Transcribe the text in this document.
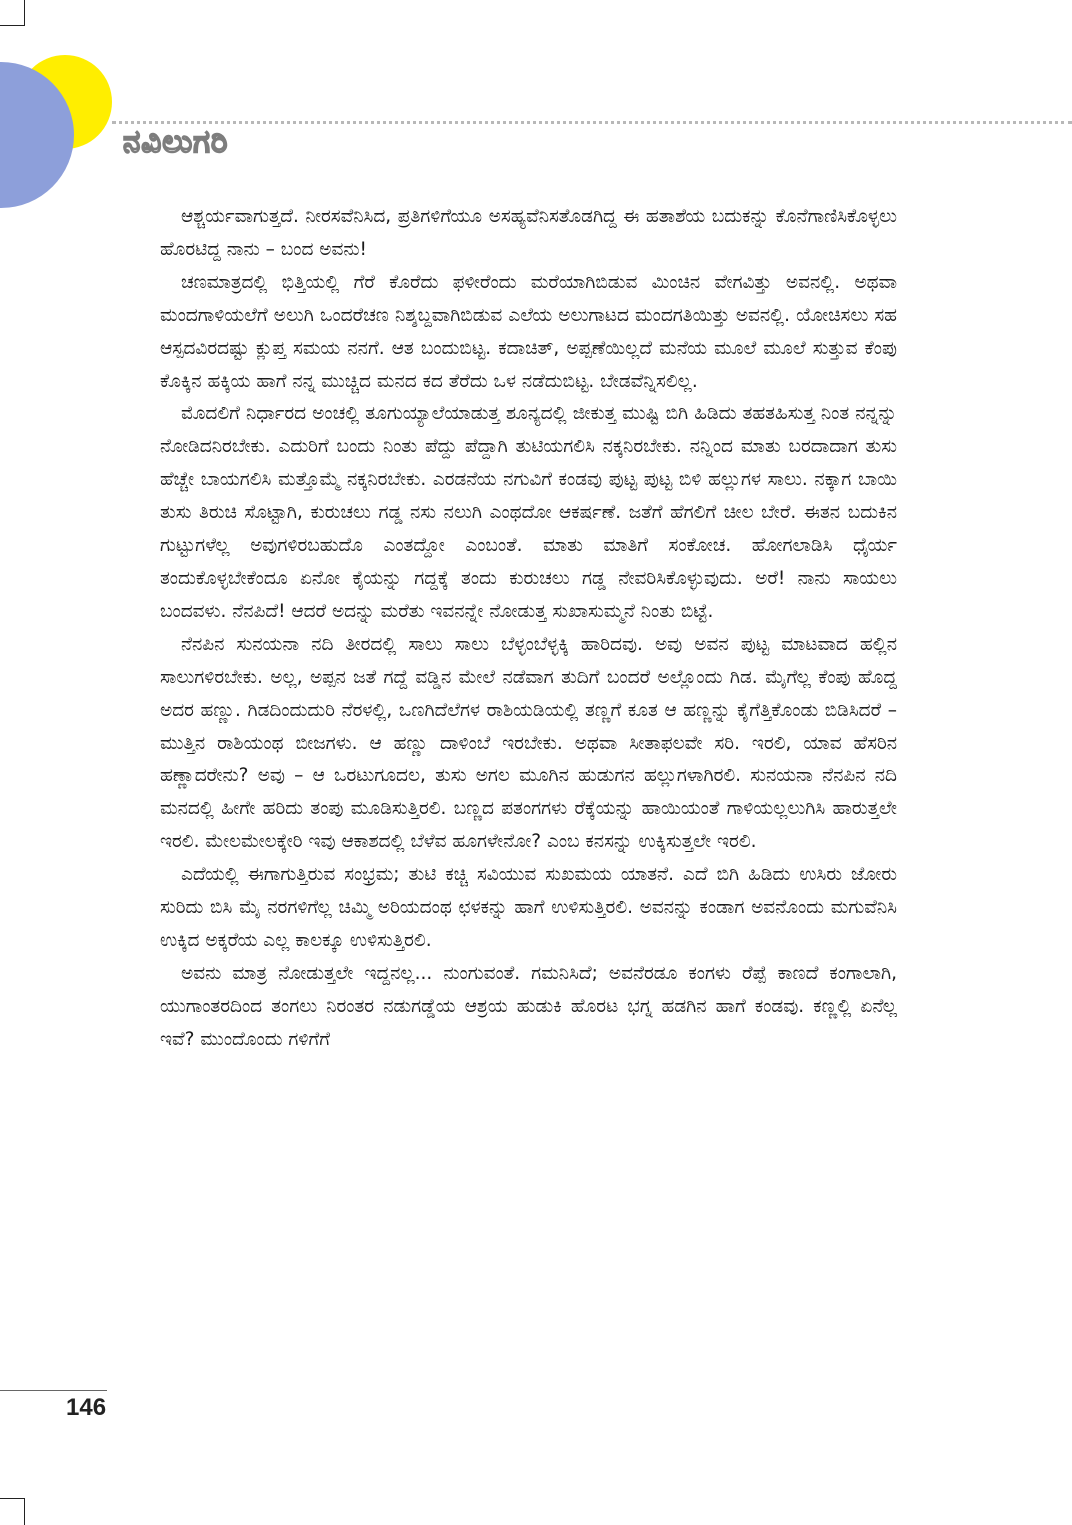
ನವಿಲುಗರಿ

ಆಶ್ಚರ್ಯವಾಗುತ್ತದೆ. ನೀರಸವೆನಿಸಿದ, ಪ್ರತಿಗಳಿಗೆಯೂ ಅಸಹ್ಯವೆನಿಸತೊಡಗಿದ್ದ ಈ ಹತಾಶೆಯ ಬದುಕನ್ನು ಕೊನೆಗಾಣಿಸಿಕೊಳ್ಳಲು ಹೊರಟಿದ್ದ ನಾನು – ಬಂದ ಅವನು!

ಚಣಮಾತ್ರದಲ್ಲಿ ಭಿತ್ತಿಯಲ್ಲಿ ಗೆರೆ ಕೊರೆದು ಫಳೀರೆಂದು ಮರೆಯಾಗಿಬಿಡುವ ಮಿಂಚಿನ ವೇಗವಿತ್ತು ಅವನಲ್ಲಿ. ಅಥವಾ ಮಂದಗಾಳಿಯಲೆಗೆ ಅಲುಗಿ ಒಂದರೆಚಣ ನಿಶ್ಶಬ್ದವಾಗಿಬಿಡುವ ಎಲೆಯ ಅಲುಗಾಟದ ಮಂದಗತಿಯಿತ್ತು ಅವನಲ್ಲಿ. ಯೋಚಿಸಲು ಸಹ ಆಸ್ಪದವಿರದಷ್ಟು ಕ್ಲುಪ್ತ ಸಮಯ ನನಗೆ. ಆತ ಬಂದುಬಿಟ್ಟ. ಕದಾಚಿತ್, ಅಪ್ಪಣೆಯಿಲ್ಲದೆ ಮನೆಯ ಮೂಲೆ ಮೂಲೆ ಸುತ್ತುವ ಕೆಂಪು ಕೊಕ್ಕಿನ ಹಕ್ಕಿಯ ಹಾಗೆ ನನ್ನ ಮುಚ್ಚಿದ ಮನದ ಕದ ತೆರೆದು ಒಳ ನಡೆದುಬಿಟ್ಟ. ಬೇಡವೆನ್ನಿಸಲಿಲ್ಲ.

ಮೊದಲಿಗೆ ನಿರ್ಧಾರದ ಅಂಚಲ್ಲಿ ತೂಗುಯ್ಯಾಲೆಯಾಡುತ್ತ ಶೂನ್ಯದಲ್ಲಿ ಜೀಕುತ್ತ ಮುಷ್ಟಿ ಬಿಗಿ ಹಿಡಿದು ತಹತಹಿಸುತ್ತ ನಿಂತ ನನ್ನನ್ನು ನೋಡಿದನಿರಬೇಕು. ಎದುರಿಗೆ ಬಂದು ನಿಂತು ಪೆದ್ದು ಪೆದ್ದಾಗಿ ತುಟಿಯಗಲಿಸಿ ನಕ್ಕನಿರಬೇಕು. ನನ್ನಿಂದ ಮಾತು ಬರದಾದಾಗ ತುಸು ಹೆಚ್ಚೇ ಬಾಯಗಲಿಸಿ ಮತ್ತೊಮ್ಮೆ ನಕ್ಕನಿರಬೇಕು. ಎರಡನೆಯ ನಗುವಿಗೆ ಕಂಡವು ಪುಟ್ಟ ಪುಟ್ಟ ಬಿಳಿ ಹಲ್ಲುಗಳ ಸಾಲು. ನಕ್ಕಾಗ ಬಾಯಿ ತುಸು ತಿರುಚಿ ಸೊಟ್ಟಾಗಿ, ಕುರುಚಲು ಗಡ್ಡ ನಸು ನಲುಗಿ ಎಂಥದೋ ಆಕರ್ಷಣೆ. ಜತೆಗೆ ಹೆಗಲಿಗೆ ಚೀಲ ಬೇರೆ. ಈತನ ಬದುಕಿನ ಗುಟ್ಟುಗಳೆಲ್ಲ ಅವುಗಳಿರಬಹುದೊ ಎಂತದ್ದೋ ಎಂಬಂತೆ. ಮಾತು ಮಾತಿಗೆ ಸಂಕೋಚ. ಹೋಗಲಾಡಿಸಿ ಧೈರ್ಯ ತಂದುಕೊಳ್ಳಬೇಕೆಂದೂ ಏನೋ ಕೈಯನ್ನು ಗದ್ದಕ್ಕೆ ತಂದು ಕುರುಚಲು ಗಡ್ಡ ನೇವರಿಸಿಕೊಳ್ಳುವುದು. ಅರೆ! ನಾನು ಸಾಯಲು ಬಂದವಳು. ನೆನಪಿದೆ! ಆದರೆ ಅದನ್ನು ಮರೆತು ಇವನನ್ನೇ ನೋಡುತ್ತ ಸುಖಾಸುಮ್ಮನೆ ನಿಂತು ಬಿಟ್ಟೆ.

ನೆನಪಿನ ಸುನಯನಾ ನದಿ ತೀರದಲ್ಲಿ ಸಾಲು ಸಾಲು ಬೆಳ್ಳಂಬೆಳ್ಳಕ್ಕಿ ಹಾರಿದವು. ಅವು ಅವನ ಪುಟ್ಟ ಮಾಟವಾದ ಹಲ್ಲಿನ ಸಾಲುಗಳಿರಬೇಕು. ಅಲ್ಲ, ಅಪ್ಪನ ಜತೆ ಗದ್ದೆ ವಡ್ಡಿನ ಮೇಲೆ ನಡೆವಾಗ ತುದಿಗೆ ಬಂದರೆ ಅಲ್ಲೊಂದು ಗಿಡ. ಮೈಗೆಲ್ಲ ಕೆಂಪು ಹೊದ್ದ ಅದರ ಹಣ್ಣು. ಗಿಡದಿಂದುದುರಿ ನೆರಳಲ್ಲಿ, ಒಣಗಿದೆಲೆಗಳ ರಾಶಿಯಡಿಯಲ್ಲಿ ತಣ್ಣಗೆ ಕೂತ ಆ ಹಣ್ಣನ್ನು ಕೈಗೆತ್ತಿಕೊಂಡು ಬಿಡಿಸಿದರೆ – ಮುತ್ತಿನ ರಾಶಿಯಂಥ ಬೀಜಗಳು. ಆ ಹಣ್ಣು ದಾಳಿಂಬೆ ಇರಬೇಕು. ಅಥವಾ ಸೀತಾಫಲವೇ ಸರಿ. ಇರಲಿ, ಯಾವ ಹೆಸರಿನ ಹಣ್ಣಾದರೇನು? ಅವು – ಆ ಒರಟುಗೂದಲ, ತುಸು ಅಗಲ ಮೂಗಿನ ಹುಡುಗನ ಹಲ್ಲುಗಳಾಗಿರಲಿ. ಸುನಯನಾ ನೆನಪಿನ ನದಿ ಮನದಲ್ಲಿ ಹೀಗೇ ಹರಿದು ತಂಪು ಮೂಡಿಸುತ್ತಿರಲಿ. ಬಣ್ಣದ ಪತಂಗಗಳು ರೆಕ್ಕೆಯನ್ನು ಹಾಯಿಯಂತೆ ಗಾಳಿಯಲ್ಲಲುಗಿಸಿ ಹಾರುತ್ತಲೇ ಇರಲಿ. ಮೇಲಮೇಲಕ್ಕೇರಿ ಇವು ಆಕಾಶದಲ್ಲಿ ಬೆಳೆವ ಹೂಗಳೇನೋ? ಎಂಬ ಕನಸನ್ನು ಉಕ್ಕಿಸುತ್ತಲೇ ಇರಲಿ.

ಎದೆಯಲ್ಲಿ ಈಗಾಗುತ್ತಿರುವ ಸಂಭ್ರಮ; ತುಟಿ ಕಚ್ಚಿ ಸವಿಯುವ ಸುಖಮಯ ಯಾತನೆ. ಎದೆ ಬಿಗಿ ಹಿಡಿದು ಉಸಿರು ಜೋರು ಸುರಿದು ಬಿಸಿ ಮೈ ನರಗಳಿಗೆಲ್ಲ ಚಿಮ್ಮಿ ಅರಿಯದಂಥ ಛಳಕನ್ನು ಹಾಗೆ ಉಳಿಸುತ್ತಿರಲಿ. ಅವನನ್ನು ಕಂಡಾಗ ಅವನೊಂದು ಮಗುವೆನಿಸಿ ಉಕ್ಕಿದ ಅಕ್ಕರೆಯ ಎಲ್ಲ ಕಾಲಕ್ಕೂ ಉಳಿಸುತ್ತಿರಲಿ.

ಅವನು ಮಾತ್ರ ನೋಡುತ್ತಲೇ ಇದ್ದನಲ್ಲ... ನುಂಗುವಂತೆ. ಗಮನಿಸಿದೆ; ಅವನೆರಡೂ ಕಂಗಳು ರೆಪ್ಪೆ ಕಾಣದೆ ಕಂಗಾಲಾಗಿ, ಯುಗಾಂತರದಿಂದ ತಂಗಲು ನಿರಂತರ ನಡುಗಡ್ಡೆಯ ಆಶ್ರಯ ಹುಡುಕಿ ಹೊರಟ ಭಗ್ನ ಹಡಗಿನ ಹಾಗೆ ಕಂಡವು. ಕಣ್ಣಲ್ಲಿ ಏನೆಲ್ಲ ಇವೆ? ಮುಂದೊಂದು ಗಳಿಗೆಗೆ

146
